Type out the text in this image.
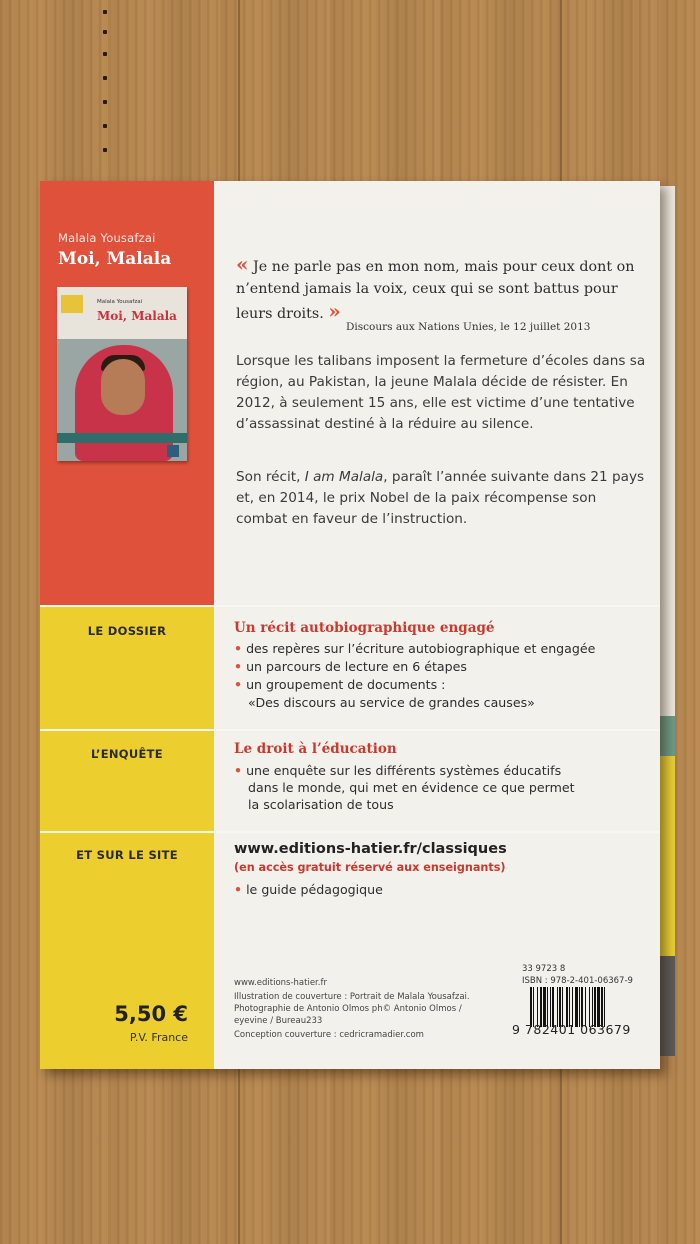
Malala Yousafzai
Moi, Malala
Malala Yousafzai
Moi, Malala
« Je ne parle pas en mon nom, mais pour ceux dont on n’entend jamais la voix, ceux qui se sont battus pour leurs droits. »
Discours aux Nations Unies, le 12 juillet 2013
Lorsque les talibans imposent la fermeture d’écoles dans sa région, au Pakistan, la jeune Malala décide de résister. En 2012, à seulement 15 ans, elle est victime d’une tentative d’assassinat destiné à la réduire au silence.
Son récit, I am Malala, paraît l’année suivante dans 21 pays et, en 2014, le prix Nobel de la paix récompense son combat en faveur de l’instruction.
LE DOSSIER	Un récit autobiographique engagé
• des repères sur l’écriture autobiographique et engagée
• un parcours de lecture en 6 étapes
• un groupement de documents :
«Des discours au service de grandes causes»
L’ENQUÊTE	Le droit à l’éducation
• une enquête sur les différents systèmes éducatifs
dans le monde, qui met en évidence ce que permet
la scolarisation de tous
ET SUR LE SITE	www.editions-hatier.fr/classiques
(en accès gratuit réservé aux enseignants)
• le guide pédagogique
5,50 €
P.V. France
www.editions-hatier.fr
Illustration de couverture : Portrait de Malala Yousafzai. Photographie de Antonio Olmos ph© Antonio Olmos / eyevine / Bureau233
Conception couverture : cedricramadier.com
33 9723 8
ISBN : 978-2-401-06367-9
9 782401 063679
